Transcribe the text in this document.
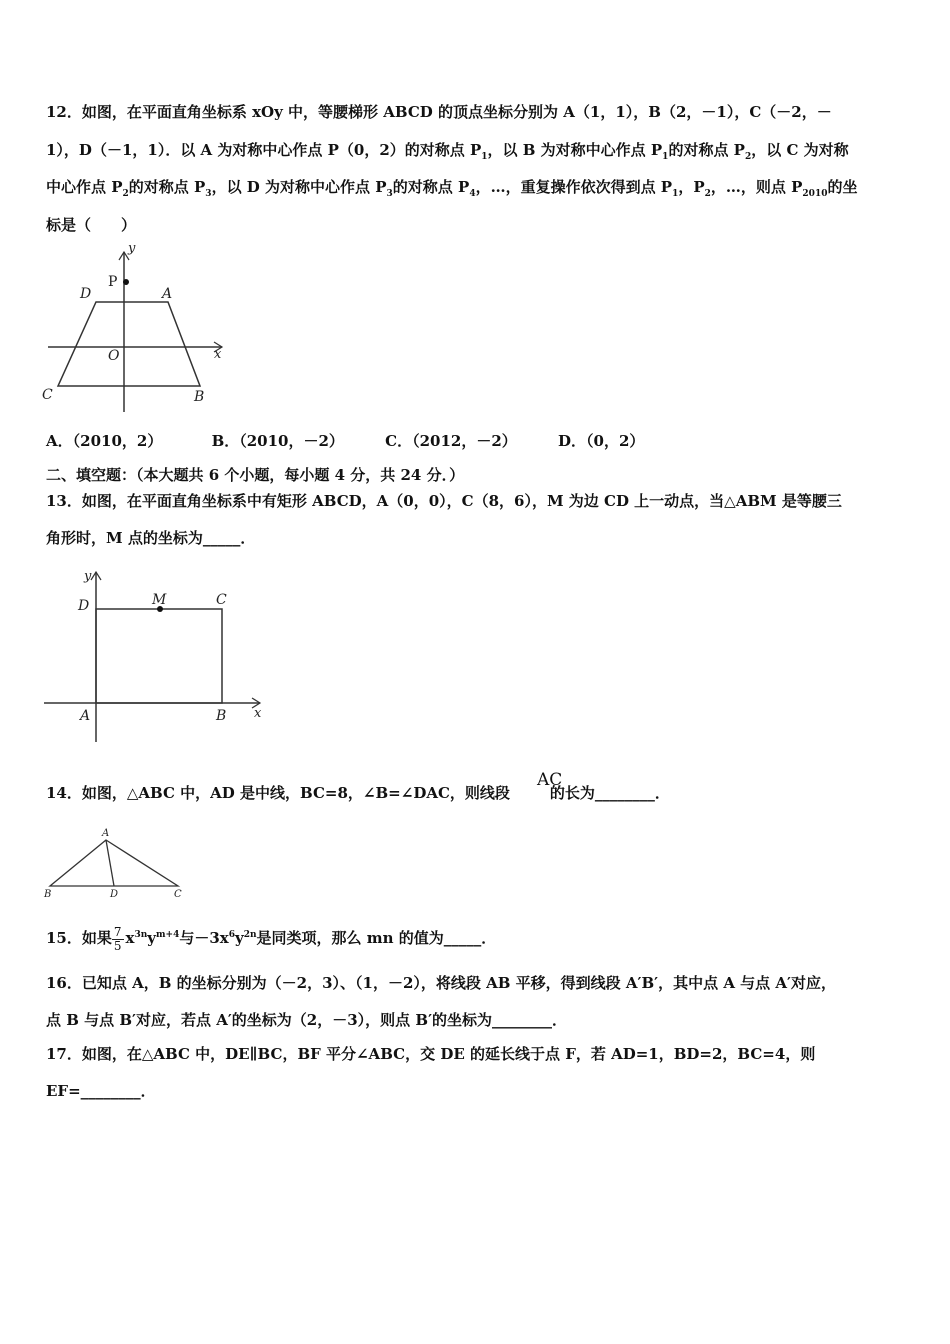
12．如图，在平面直角坐标系 xOy 中，等腰梯形 ABCD 的顶点坐标分别为 A（1，1），B（2，－1），C（－2，－
1），D（－1，1）．以 A 为对称中心作点 P（0，2）的对称点 $P_1$，以 B 为对称中心作点 $P_1$的对称点 $P_2$，以 C 为对称
中心作点 $P_2$的对称点 $P_3$，以 D 为对称中心作点 $P_3$的对称点 $P_4$，…，重复操作依次得到点 $P_1$，$P_2$，…，则点 $P_{2010}$的坐
标是（　　）
y
P
D	A
O	x
C	B
A．（2010，2）	B．（2010，－2）	C．（2012，－2）	D．（0，2）
二、填空题：（本大题共 6 个小题，每小题 4 分，共 24 分．）
13．如图，在平面直角坐标系中有矩形 ABCD，A（0，0），C（8，6），M 为边 CD 上一动点，当△ABM 是等腰三
角形时，M 点的坐标为_____．
y
D	M	C
A	B x
14．如图，△ABC 中，AD 是中线，BC=8，∠B=∠DAC，则线段	的长为________．
AC
A
B	D	C
15．如果 $\frac{7}{5} x^{3n}y^{m+4}$与$-3x^6y^{2n}$是同类项，那么 mn 的值为_____．
16．已知点 A，B 的坐标分别为（－2，3）、（1，－2），将线段 AB 平移，得到线段 A′B′，其中点 A 与点 A′对应，
点 B 与点 B′对应，若点 A′的坐标为（2，－3），则点 B′的坐标为________．
17．如图，在△ABC 中，DE∥BC，BF 平分∠ABC，交 DE 的延长线于点 F，若 AD=1，BD=2，BC=4，则
EF=________．
